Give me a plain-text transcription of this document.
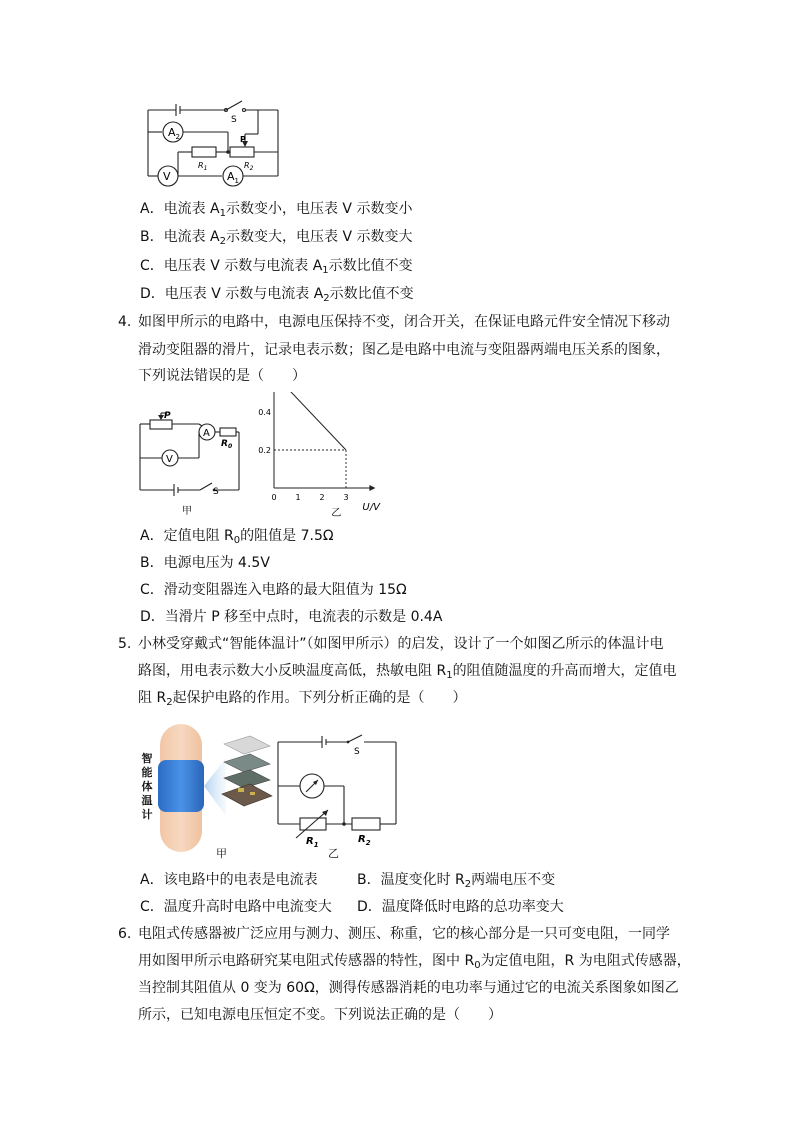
S
$A_2$	P
$R_1$	$R_2$
V	$A_1$
A．电流表 $A_1$示数变小，电压表 V 示数变小
B．电流表 $A_2$示数变大，电压表 V 示数变大
C．电压表 V 示数与电流表 $A_1$示数比值不变
D．电压表 V 示数与电流表 $A_2$示数比值不变
4. 如图甲所示的电路中，电源电压保持不变，闭合开关，在保证电路元件安全情况下移动
滑动变阻器的滑片，记录电表示数；图乙是电路中电流与变阻器两端电压关系的图象，
下列说法错误的是（　　）
P
A
$R_0$
V
S
甲	U/V
0 1 2 3
0.2
0.4
乙
A．定值电阻 $R_0$的阻值是 7.5Ω
B．电源电压为 4.5V
C．滑动变阻器连入电路的最大阻值为 15Ω
D．当滑片 P 移至中点时，电流表的示数是 0.4A
5. 小林受穿戴式“智能体温计”（如图甲所示）的启发，设计了一个如图乙所示的体温计电
路图，用电表示数大小反映温度高低，热敏电阻 $R_1$的阻值随温度的升高而增大，定值电
阻 $R_2$起保护电路的作用。下列分析正确的是（　　）
智
能
体
温
计
甲
S
$R_1$	$R_2$
乙
A．该电路中的电表是电流表	B．温度变化时 $R_2$两端电压不变
C．温度升高时电路中电流变大 D．温度降低时电路的总功率变大
6. 电阻式传感器被广泛应用与测力、测压、称重，它的核心部分是一只可变电阻，一同学
用如图甲所示电路研究某电阻式传感器的特性，图中 $R_0$为定值电阻，R 为电阻式传感器，
当控制其阻值从 0 变为 60Ω，测得传感器消耗的电功率与通过它的电流关系图象如图乙
所示，已知电源电压恒定不变。下列说法正确的是（　　）
